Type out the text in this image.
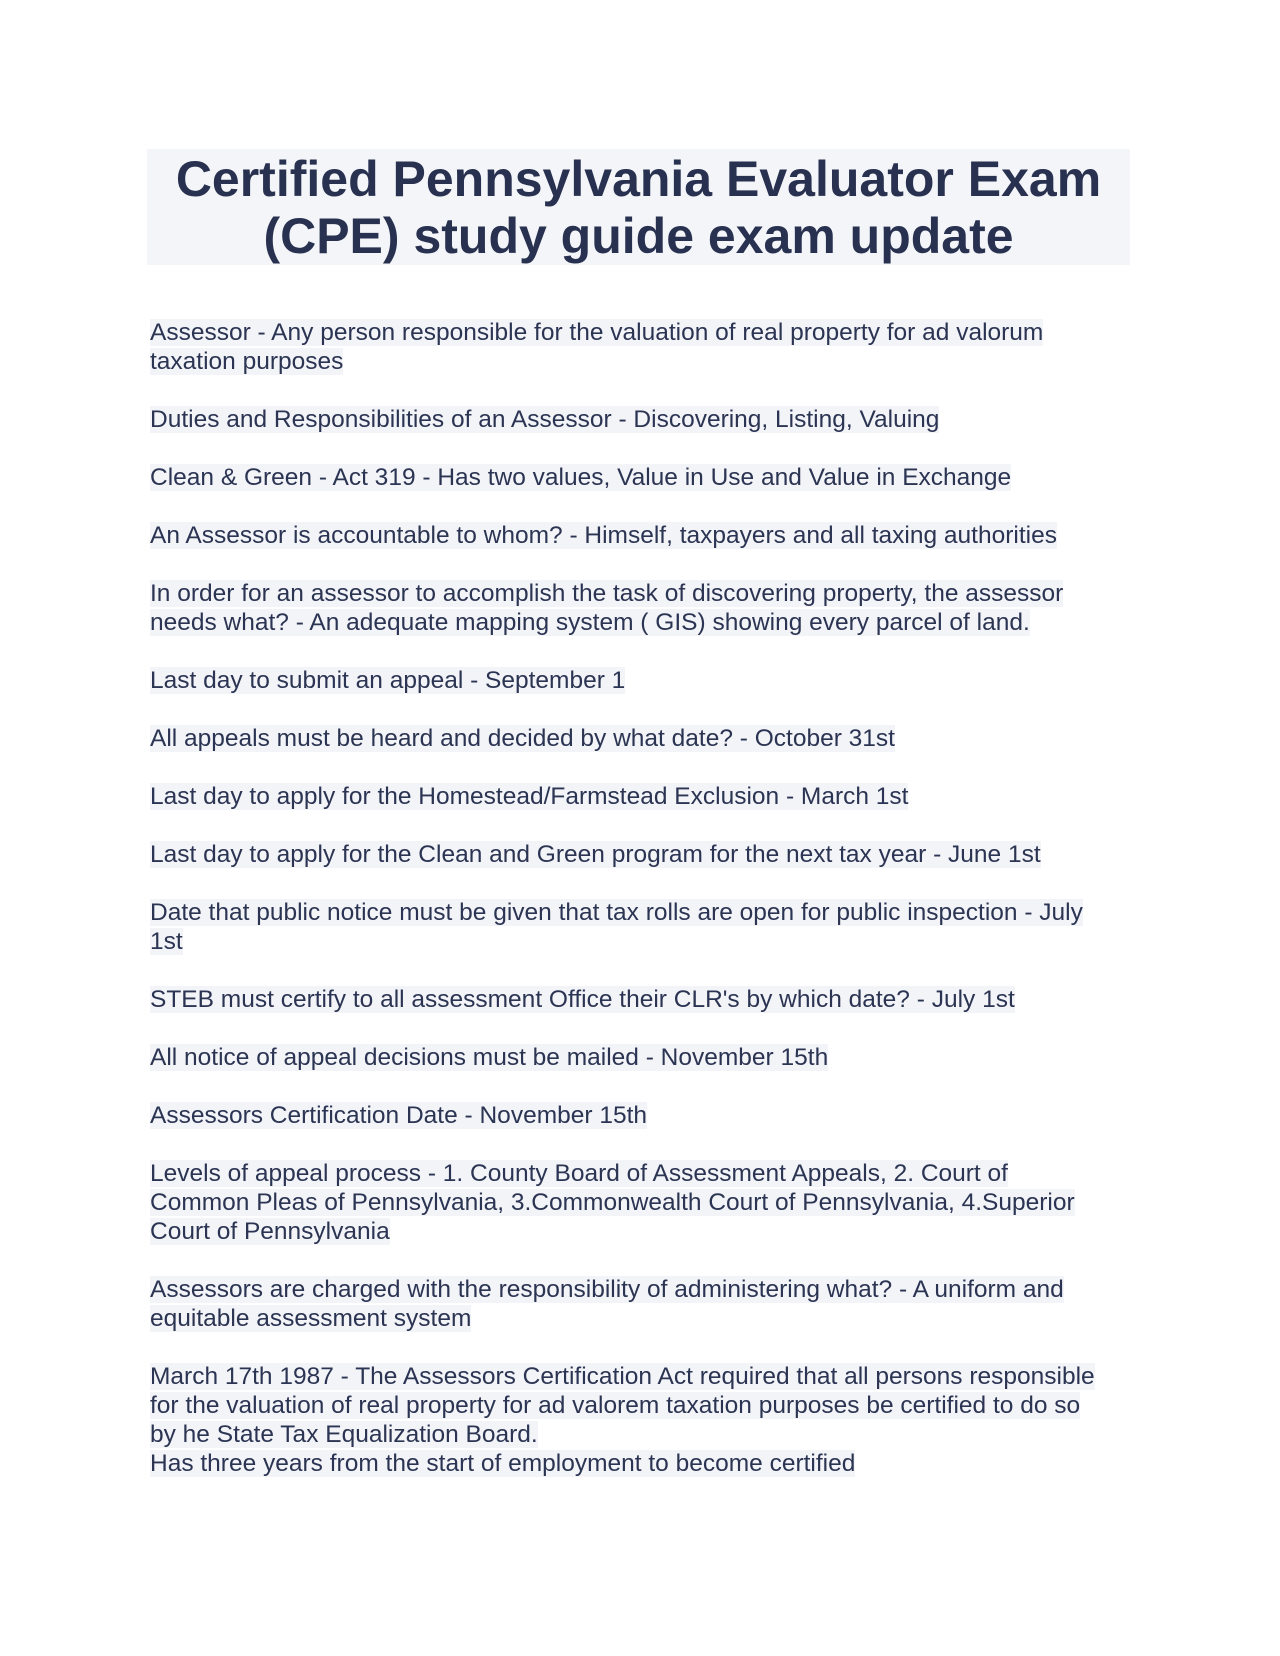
Certified Pennsylvania Evaluator Exam
(CPE) study guide exam update
Assessor - Any person responsible for the valuation of real property for ad valorum
taxation purposes
Duties and Responsibilities of an Assessor - Discovering, Listing, Valuing
Clean & Green - Act 319 - Has two values, Value in Use and Value in Exchange
An Assessor is accountable to whom? - Himself, taxpayers and all taxing authorities
In order for an assessor to accomplish the task of discovering property, the assessor
needs what? - An adequate mapping system ( GIS) showing every parcel of land.
Last day to submit an appeal - September 1
All appeals must be heard and decided by what date? - October 31st
Last day to apply for the Homestead/Farmstead Exclusion - March 1st
Last day to apply for the Clean and Green program for the next tax year - June 1st
Date that public notice must be given that tax rolls are open for public inspection - July
1st
STEB must certify to all assessment Office their CLR's by which date? - July 1st
All notice of appeal decisions must be mailed - November 15th
Assessors Certification Date - November 15th
Levels of appeal process - 1. County Board of Assessment Appeals, 2. Court of
Common Pleas of Pennsylvania, 3.Commonwealth Court of Pennsylvania, 4.Superior
Court of Pennsylvania
Assessors are charged with the responsibility of administering what? - A uniform and
equitable assessment system
March 17th 1987 - The Assessors Certification Act required that all persons responsible
for the valuation of real property for ad valorem taxation purposes be certified to do so
by he State Tax Equalization Board.
Has three years from the start of employment to become certified
